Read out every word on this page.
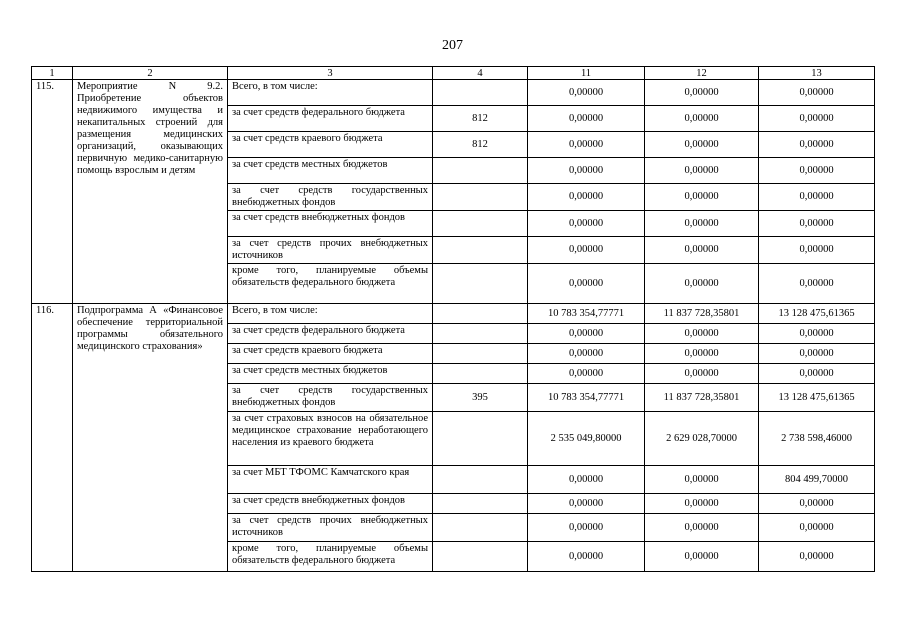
207
1	2	3	4	11	12	13
115.	Мероприятие N 9.2. Приобретение объектов недвижимого имущества и некапитальных строений для размещения медицинских организаций, оказывающих первичную медико-санитарную помощь взрослым и детям	Всего, в том числе:		0,00000	0,00000	0,00000
		за счет средств федерального бюджета	812	0,00000	0,00000	0,00000
		за счет средств краевого бюджета	812	0,00000	0,00000	0,00000
		за счет средств местных бюджетов		0,00000	0,00000	0,00000
		за счет средств государственных внебюджетных фондов		0,00000	0,00000	0,00000
		за счет средств внебюджетных фондов		0,00000	0,00000	0,00000
		за счет средств прочих внебюджетных источников		0,00000	0,00000	0,00000
		кроме того, планируемые объемы обязательств федерального бюджета		0,00000	0,00000	0,00000
116.	Подпрограмма А «Финансовое обеспечение территориальной программы обязательного медицинского страхования»	Всего, в том числе:		10 783 354,77771	11 837 728,35801	13 128 475,61365
		за счет средств федерального бюджета		0,00000	0,00000	0,00000
		за счет средств краевого бюджета		0,00000	0,00000	0,00000
		за счет средств местных бюджетов		0,00000	0,00000	0,00000
		за счет средств государственных внебюджетных фондов	395	10 783 354,77771	11 837 728,35801	13 128 475,61365
		за счет страховых взносов на обязательное медицинское страхование неработающего населения из краевого бюджета		2 535 049,80000	2 629 028,70000	2 738 598,46000
		за счет МБТ ТФОМС Камчатского края		0,00000	0,00000	804 499,70000
		за счет средств внебюджетных фондов		0,00000	0,00000	0,00000
		за счет средств прочих внебюджетных источников		0,00000	0,00000	0,00000
		кроме того, планируемые объемы обязательств федерального бюджета		0,00000	0,00000	0,00000
